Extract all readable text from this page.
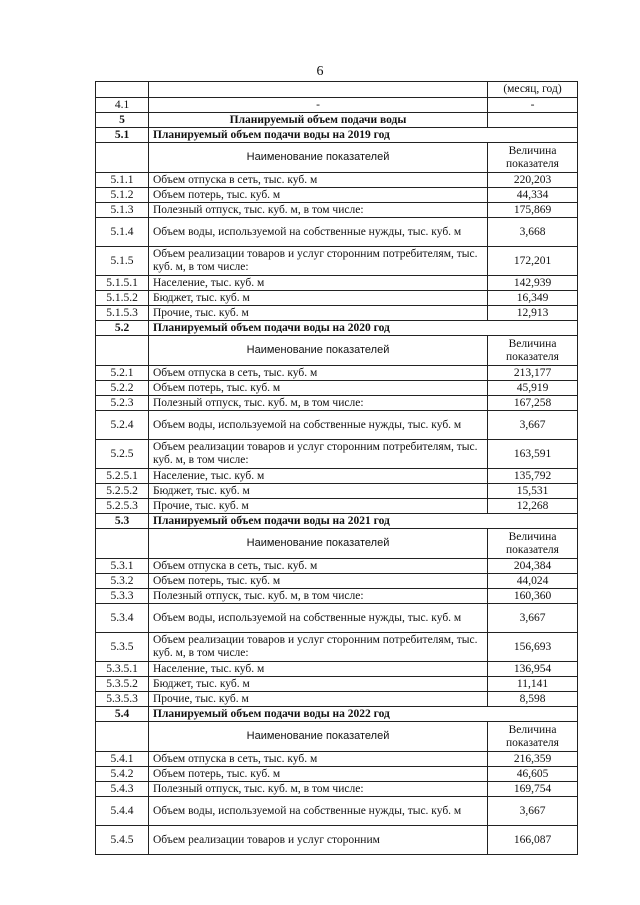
6
		(месяц, год)
4.1	-	-
5	Планируемый объем подачи воды	
5.1	Планируемый объем подачи воды на 2019 год	
	Наименование показателей	Величина показателя
5.1.1	Объем отпуска в сеть, тыс. куб. м	220,203
5.1.2	Объем потерь, тыс. куб. м	44,334
5.1.3	Полезный отпуск, тыс. куб. м, в том числе:	175,869
5.1.4	Объем воды, используемой на собственные нужды, тыс. куб. м	3,668
5.1.5	Объем реализации товаров и услуг сторонним потребителям, тыс. куб. м, в том числе:	172,201
5.1.5.1	Население, тыс. куб. м	142,939
5.1.5.2	Бюджет, тыс. куб. м	16,349
5.1.5.3	Прочие, тыс. куб. м	12,913
5.2	Планируемый объем подачи воды на 2020 год	
	Наименование показателей	Величина показателя
5.2.1	Объем отпуска в сеть, тыс. куб. м	213,177
5.2.2	Объем потерь, тыс. куб. м	45,919
5.2.3	Полезный отпуск, тыс. куб. м, в том числе:	167,258
5.2.4	Объем воды, используемой на собственные нужды, тыс. куб. м	3,667
5.2.5	Объем реализации товаров и услуг сторонним потребителям, тыс. куб. м, в том числе:	163,591
5.2.5.1	Население, тыс. куб. м	135,792
5.2.5.2	Бюджет, тыс. куб. м	15,531
5.2.5.3	Прочие, тыс. куб. м	12,268
5.3	Планируемый объем подачи воды на 2021 год	
	Наименование показателей	Величина показателя
5.3.1	Объем отпуска в сеть, тыс. куб. м	204,384
5.3.2	Объем потерь, тыс. куб. м	44,024
5.3.3	Полезный отпуск, тыс. куб. м, в том числе:	160,360
5.3.4	Объем воды, используемой на собственные нужды, тыс. куб. м	3,667
5.3.5	Объем реализации товаров и услуг сторонним потребителям, тыс. куб. м, в том числе:	156,693
5.3.5.1	Население, тыс. куб. м	136,954
5.3.5.2	Бюджет, тыс. куб. м	11,141
5.3.5.3	Прочие, тыс. куб. м	8,598
5.4	Планируемый объем подачи воды на 2022 год	
	Наименование показателей	Величина показателя
5.4.1	Объем отпуска в сеть, тыс. куб. м	216,359
5.4.2	Объем потерь, тыс. куб. м	46,605
5.4.3	Полезный отпуск, тыс. куб. м, в том числе:	169,754
5.4.4	Объем воды, используемой на собственные нужды, тыс. куб. м	3,667
5.4.5	Объем реализации товаров и услуг сторонним	166,087
